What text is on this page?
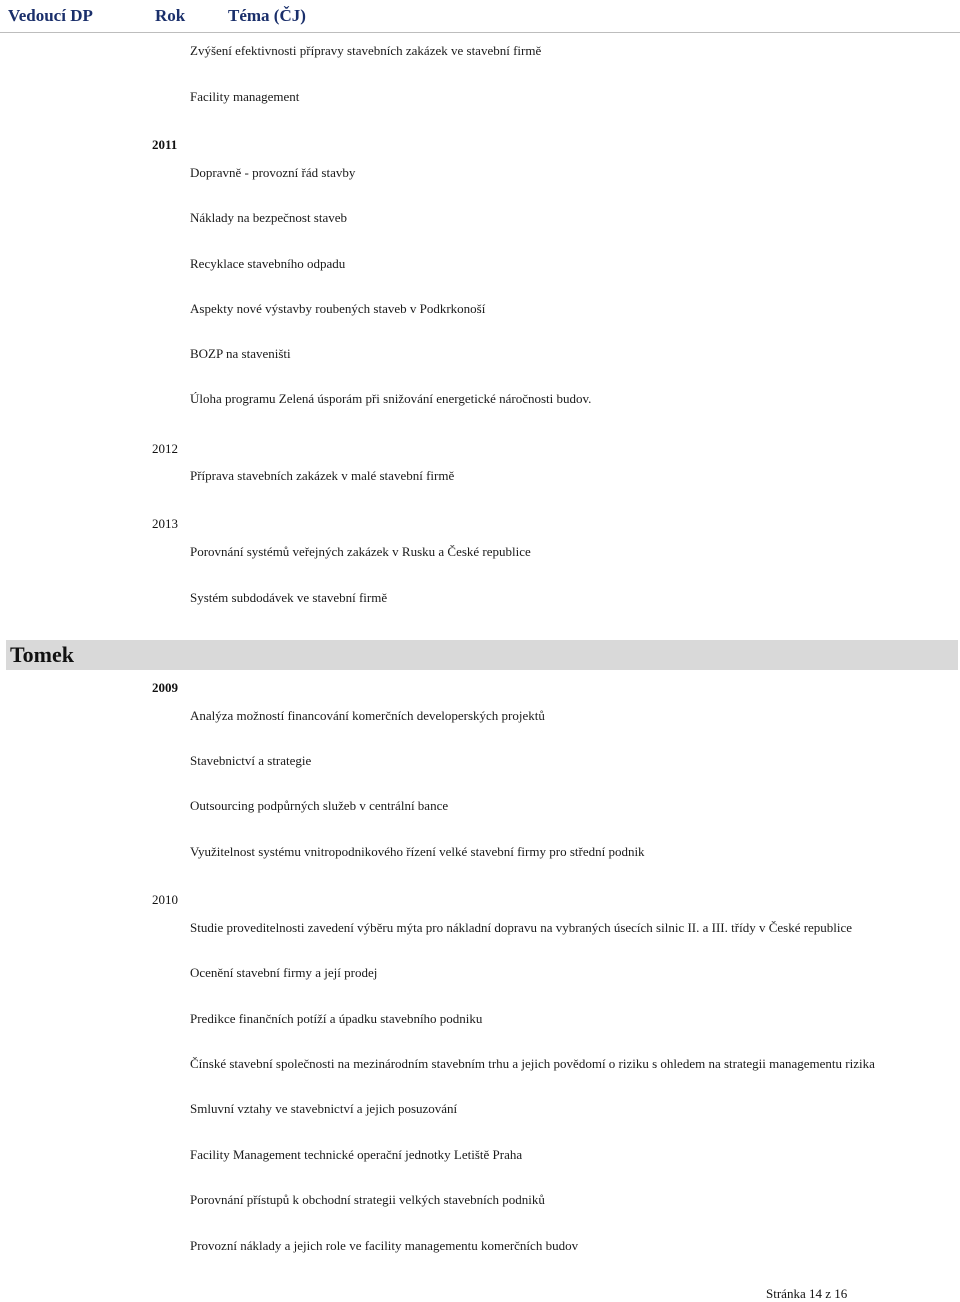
Vedoucí DP	Rok	Téma (ČJ)
Zvýšení efektivnosti přípravy stavebních zakázek ve stavební firmě
Facility management
2011
Dopravně - provozní řád stavby
Náklady na bezpečnost staveb
Recyklace stavebního odpadu
Aspekty nové výstavby roubených staveb v Podkrkonoší
BOZP na staveništi
Úloha programu Zelená úsporám při snižování energetické náročnosti budov.
2012
Příprava stavebních zakázek v malé stavební firmě
2013
Porovnání systémů veřejných zakázek v Rusku a České republice
Systém subdodávek ve stavební firmě
Tomek
2009
Analýza možností financování komerčních developerských projektů
Stavebnictví a strategie
Outsourcing podpůrných služeb v centrální bance
Využitelnost systému vnitropodnikového řízení velké stavební firmy pro střední podnik
2010
Studie proveditelnosti zavedení výběru mýta pro nákladní dopravu na vybraných úsecích silnic II. a III. třídy v České republice
Ocenění stavební firmy a její prodej
Predikce finančních potíží a úpadku stavebního podniku
Čínské stavební společnosti na mezinárodním stavebním trhu a jejich povědomí o riziku s ohledem na strategii managementu rizika
Smluvní vztahy ve stavebnictví a jejich posuzování
Facility Management technické operační jednotky Letiště Praha
Porovnání přístupů k obchodní strategii velkých stavebních podniků
Provozní náklady a jejich role ve facility managementu komerčních budov
Stránka 14 z 16
